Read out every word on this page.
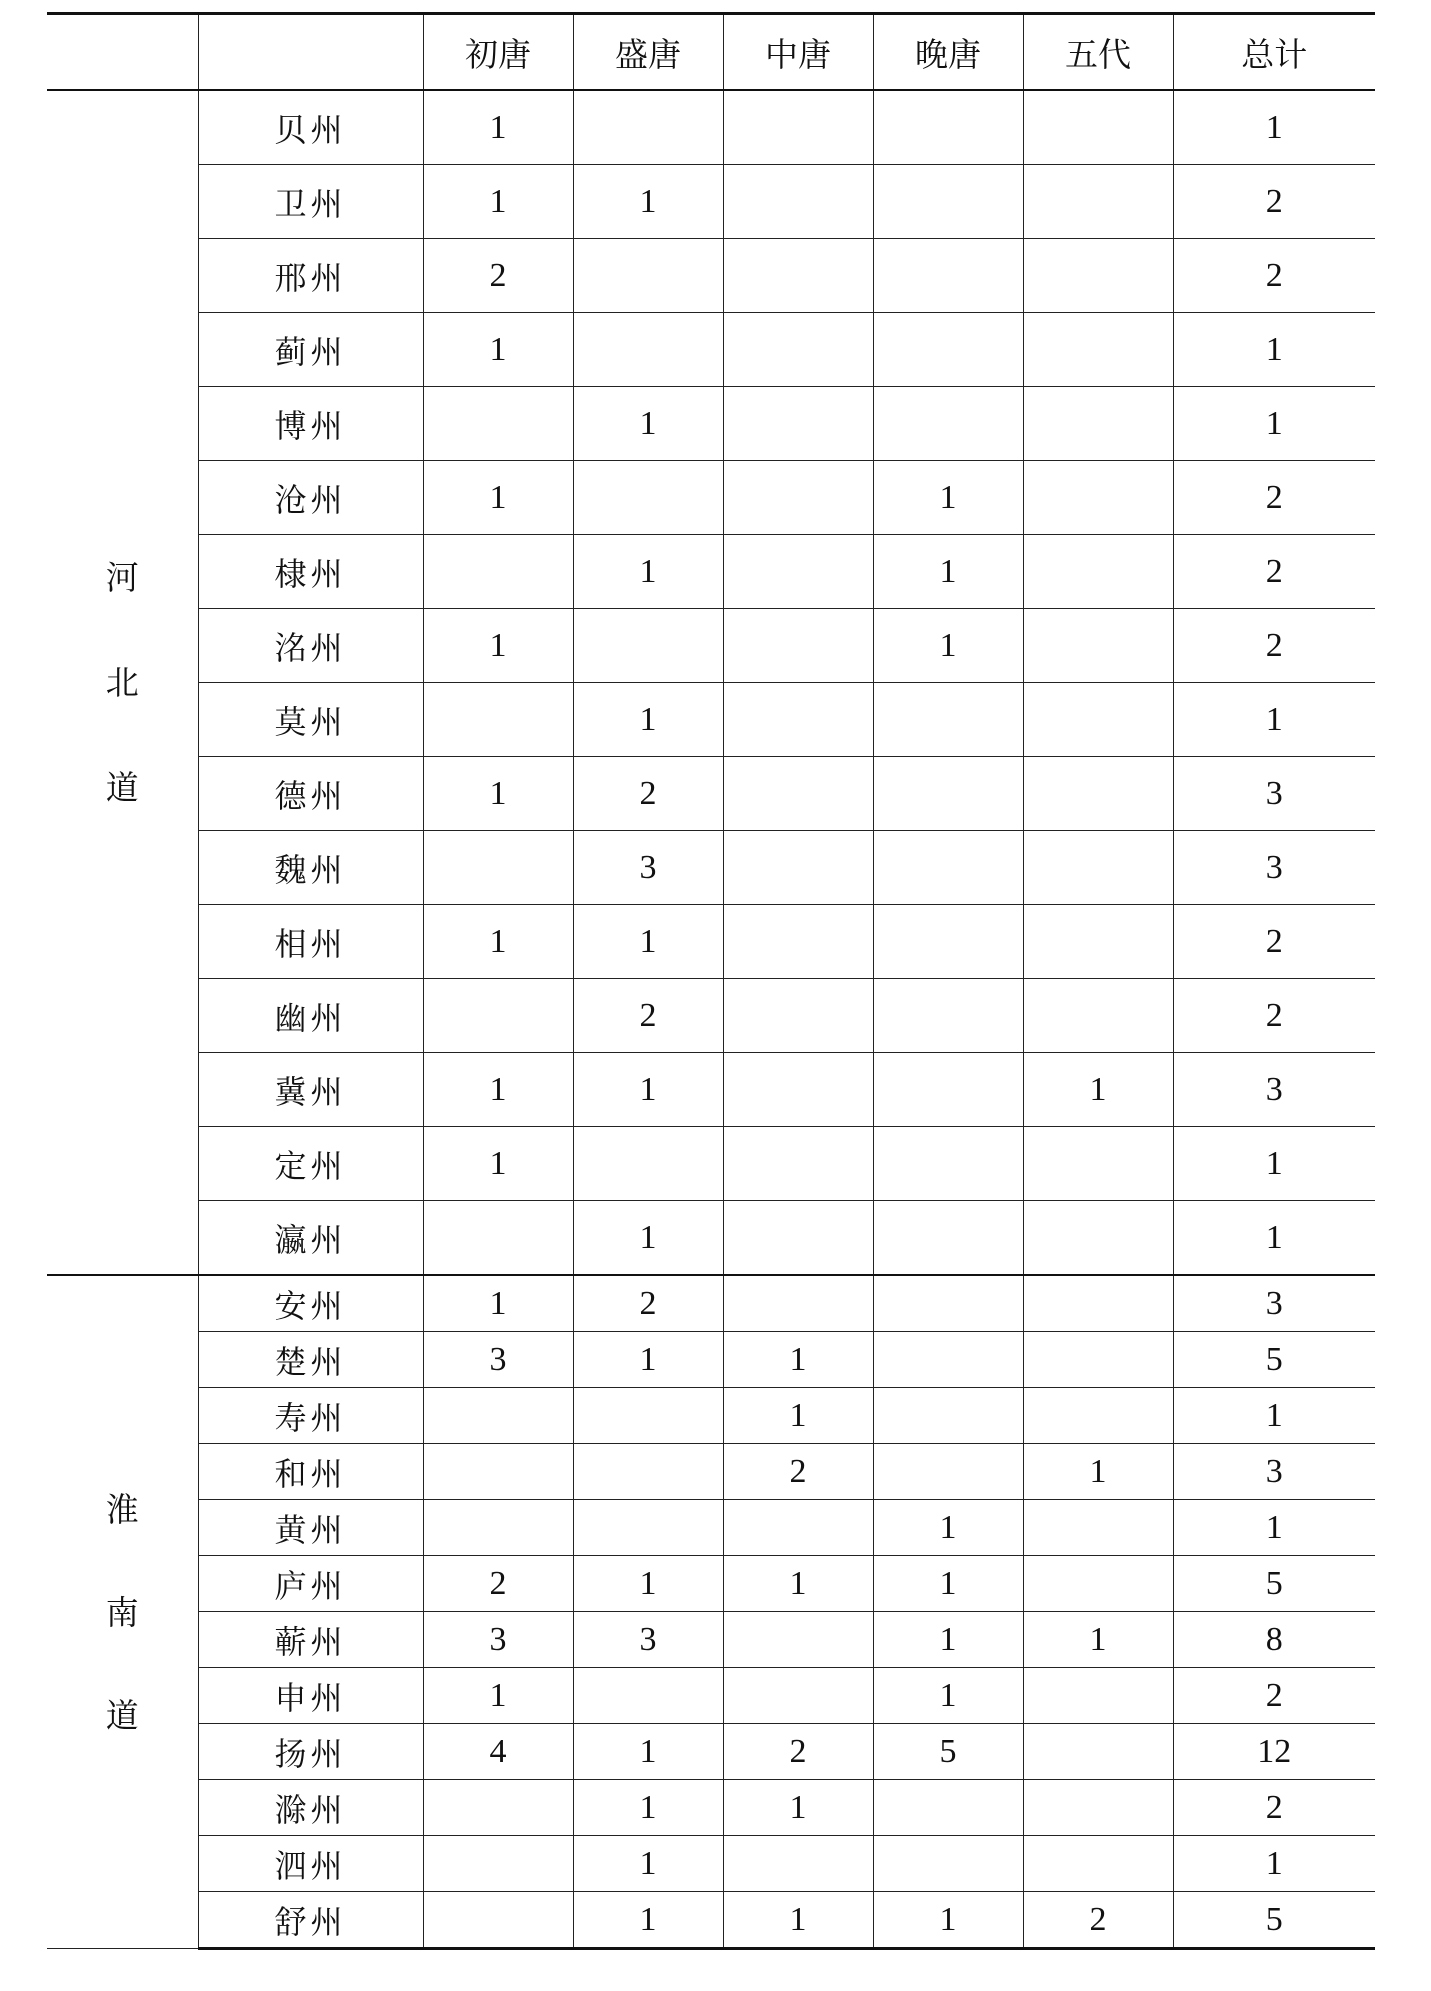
		初唐	盛唐	中唐	晚唐	五代	总计

河
北
道	贝州	1					1
	卫州	1	1				2
	邢州	2					2
	蓟州	1					1
	博州		1				1
	沧州	1			1		2
	棣州		1		1		2
	洺州	1			1		2
	莫州		1				1
	德州	1	2				3
	魏州		3				3
	相州	1	1				2
	幽州		2				2
	冀州	1	1			1	3
	定州	1					1
	瀛州		1				1

淮
南
道	安州	1	2				3
	楚州	3	1	1			5
	寿州			1			1
	和州			2		1	3
	黄州				1		1
	庐州	2	1	1	1		5
	蕲州	3	3		1	1	8
	申州	1			1		2
	扬州	4	1	2	5		12
	滁州		1	1			2
	泗州		1				1
	舒州		1	1	1	2	5
